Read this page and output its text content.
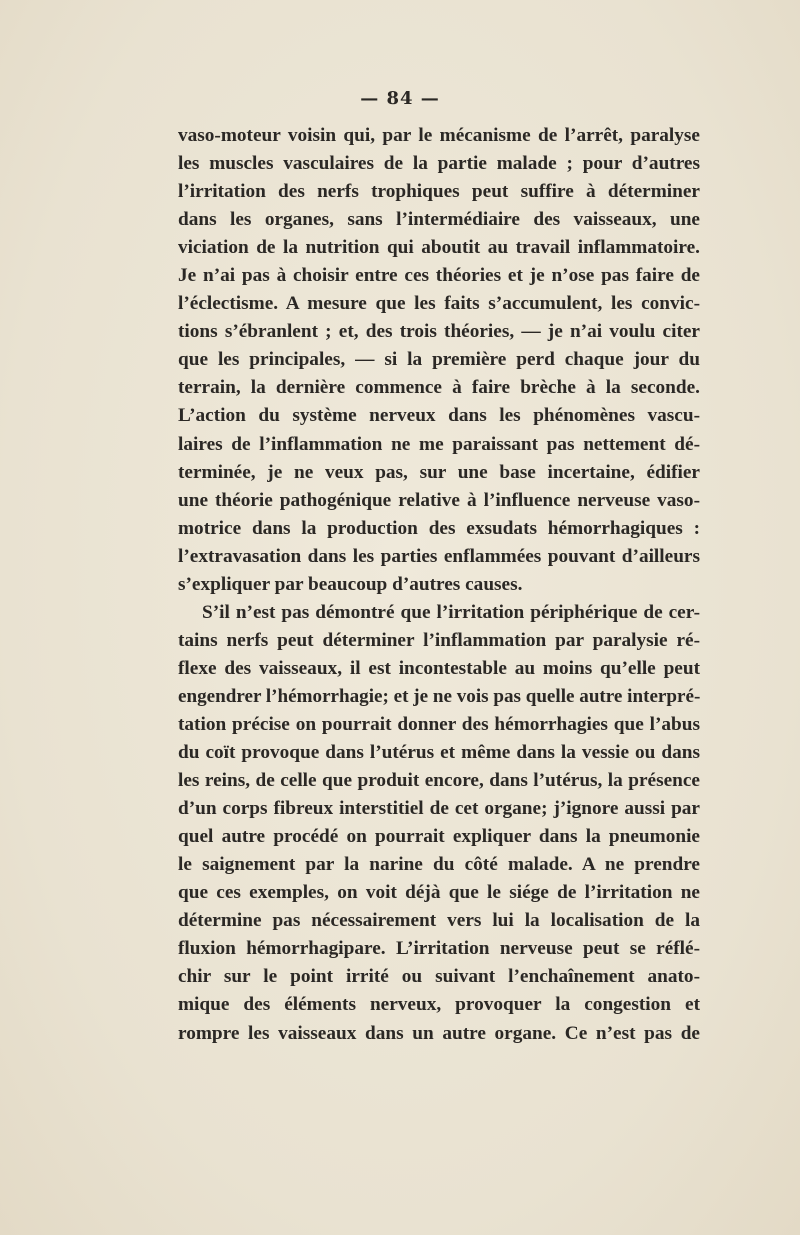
— 84 —
vaso-moteur voisin qui, par le mécanisme de l’arrêt, paralyse
les muscles vasculaires de la partie malade ; pour d’autres
l’irritation des nerfs trophiques peut suffire à déterminer
dans les organes, sans l’intermédiaire des vaisseaux, une
viciation de la nutrition qui aboutit au travail inflammatoire.
Je n’ai pas à choisir entre ces théories et je n’ose pas faire de
l’éclectisme. A mesure que les faits s’accumulent, les convic-
tions s’ébranlent ; et, des trois théories, — je n’ai voulu citer
que les principales, — si la première perd chaque jour du
terrain, la dernière commence à faire brèche à la seconde.
L’action du système nerveux dans les phénomènes vascu-
laires de l’inflammation ne me paraissant pas nettement dé-
terminée, je ne veux pas, sur une base incertaine, édifier
une théorie pathogénique relative à l’influence nerveuse vaso-
motrice dans la production des exsudats hémorrhagiques :
l’extravasation dans les parties enflammées pouvant d’ailleurs
s’expliquer par beaucoup d’autres causes.
S’il n’est pas démontré que l’irritation périphérique de cer-
tains nerfs peut déterminer l’inflammation par paralysie ré-
flexe des vaisseaux, il est incontestable au moins qu’elle peut
engendrer l’hémorrhagie; et je ne vois pas quelle autre interpré-
tation précise on pourrait donner des hémorrhagies que l’abus
du coït provoque dans l’utérus et même dans la vessie ou dans
les reins, de celle que produit encore, dans l’utérus, la présence
d’un corps fibreux interstitiel de cet organe; j’ignore aussi par
quel autre procédé on pourrait expliquer dans la pneumonie
le saignement par la narine du côté malade. A ne prendre
que ces exemples, on voit déjà que le siége de l’irritation ne
détermine pas nécessairement vers lui la localisation de la
fluxion hémorrhagipare. L’irritation nerveuse peut se réflé-
chir sur le point irrité ou suivant l’enchaînement anato-
mique des éléments nerveux, provoquer la congestion et
rompre les vaisseaux dans un autre organe. Ce n’est pas de
